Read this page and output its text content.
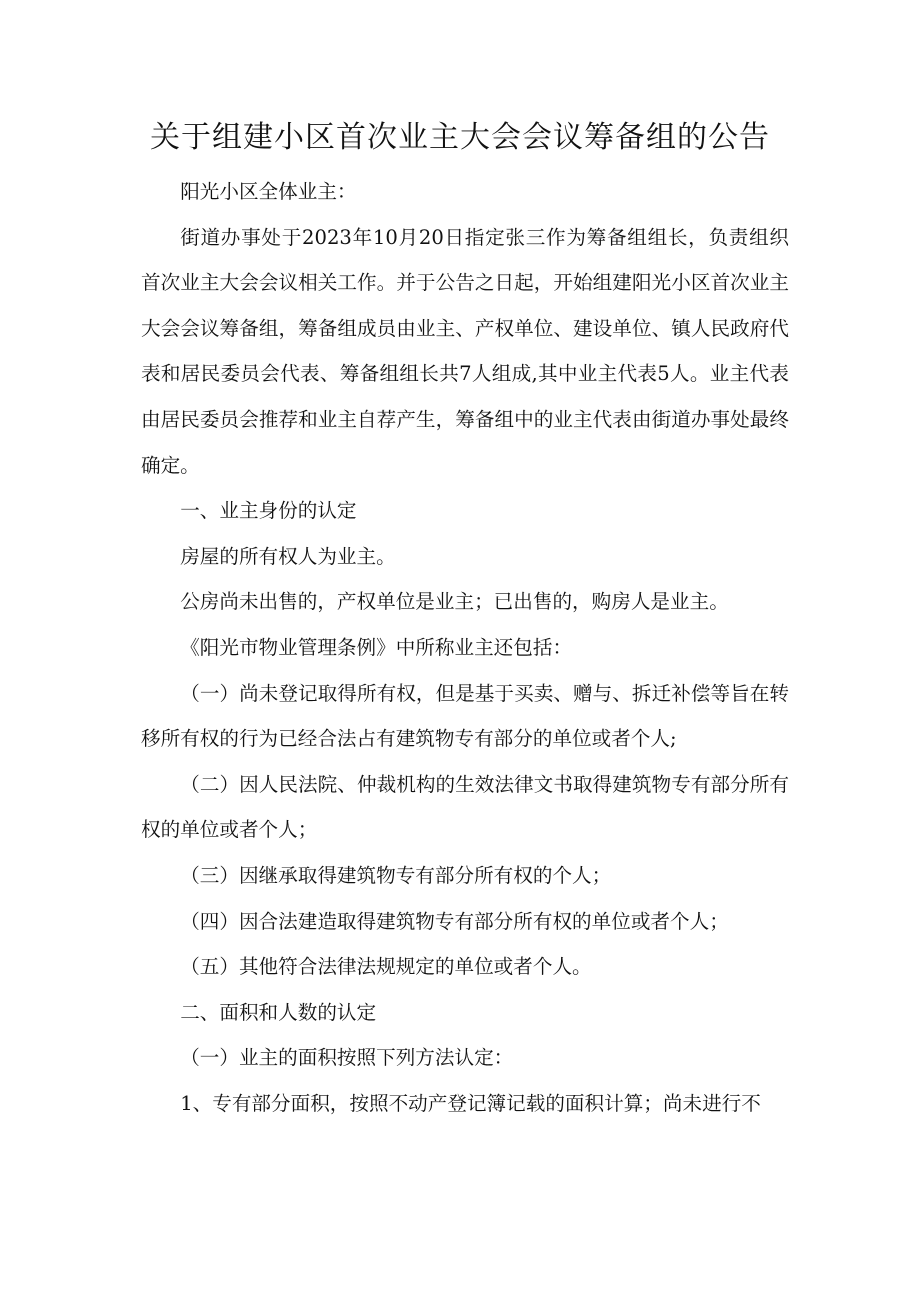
关于组建小区首次业主大会会议筹备组的公告

阳光小区全体业主：

街道办事处于2023年10月20日指定张三作为筹备组组长，负责组织首次业主大会会议相关工作。并于公告之日起，开始组建阳光小区首次业主大会会议筹备组，筹备组成员由业主、产权单位、建设单位、镇人民政府代表和居民委员会代表、筹备组组长共7人组成,其中业主代表5人。业主代表由居民委员会推荐和业主自荐产生，筹备组中的业主代表由街道办事处最终确定。

一、业主身份的认定

房屋的所有权人为业主。

公房尚未出售的，产权单位是业主；已出售的，购房人是业主。

《阳光市物业管理条例》中所称业主还包括：

（一）尚未登记取得所有权，但是基于买卖、赠与、拆迁补偿等旨在转移所有权的行为已经合法占有建筑物专有部分的单位或者个人;

（二）因人民法院、仲裁机构的生效法律文书取得建筑物专有部分所有权的单位或者个人；

（三）因继承取得建筑物专有部分所有权的个人；

（四）因合法建造取得建筑物专有部分所有权的单位或者个人；

（五）其他符合法律法规规定的单位或者个人。

二、面积和人数的认定

（一）业主的面积按照下列方法认定：

1、专有部分面积，按照不动产登记簿记载的面积计算；尚未进行不
